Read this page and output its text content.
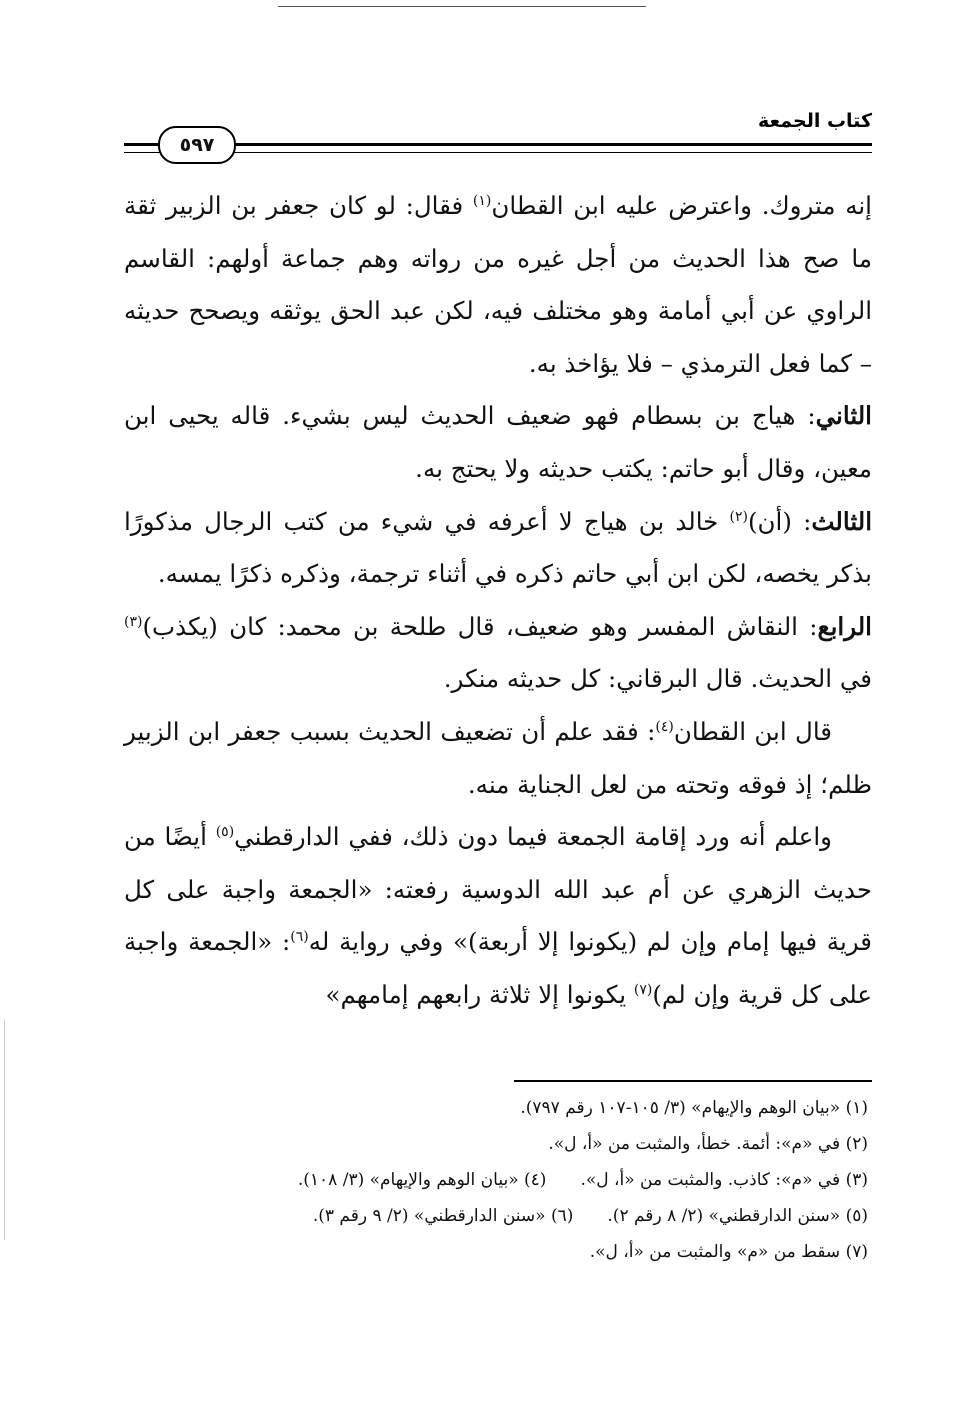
كتاب الجمعة
٥٩٧

إنه متروك. واعترض عليه ابن القطان$^{(١)}$ فقال: لو كان جعفر بن الزبير ثقة ما صح هذا الحديث من أجل غيره من رواته وهم جماعة أولهم: القاسم الراوي عن أبي أمامة وهو مختلف فيه، لكن عبد الحق يوثقه ويصحح حديثه – كما فعل الترمذي – فلا يؤاخذ به.

الثاني: هياج بن بسطام فهو ضعيف الحديث ليس بشيء. قاله يحيى ابن معين، وقال أبو حاتم: يكتب حديثه ولا يحتج به.

الثالث: (أن)$^{(٢)}$ خالد بن هياج لا أعرفه في شيء من كتب الرجال مذكورًا بذكر يخصه، لكن ابن أبي حاتم ذكره في أثناء ترجمة، وذكره ذكرًا يمسه.

الرابع: النقاش المفسر وهو ضعيف، قال طلحة بن محمد: كان (يكذب)$^{(٣)}$ في الحديث. قال البرقاني: كل حديثه منكر.

قال ابن القطان$^{(٤)}$: فقد علم أن تضعيف الحديث بسبب جعفر ابن الزبير ظلم؛ إذ فوقه وتحته من لعل الجناية منه.

واعلم أنه ورد إقامة الجمعة فيما دون ذلك، ففي الدارقطني$^{(٥)}$ أيضًا من حديث الزهري عن أم عبد الله الدوسية رفعته: «الجمعة واجبة على كل قرية فيها إمام وإن لم (يكونوا إلا أربعة)» وفي رواية له$^{(٦)}$: «الجمعة واجبة على كل قرية وإن لم)$^{(٧)}$ يكونوا إلا ثلاثة رابعهم إمامهم»

(١) «بيان الوهم والإيهام» (٣/ ١٠٥-١٠٧ رقم ٧٩٧).
(٢) في «م»: أئمة. خطأ، والمثبت من «أ، ل».
(٣) في «م»: كاذب. والمثبت من «أ، ل».(٤) «بيان الوهم والإيهام» (٣/ ١٠٨).
(٥) «سنن الدارقطني» (٢/ ٨ رقم ٢).(٦) «سنن الدارقطني» (٢/ ٩ رقم ٣).
(٧) سقط من «م» والمثبت من «أ، ل».
